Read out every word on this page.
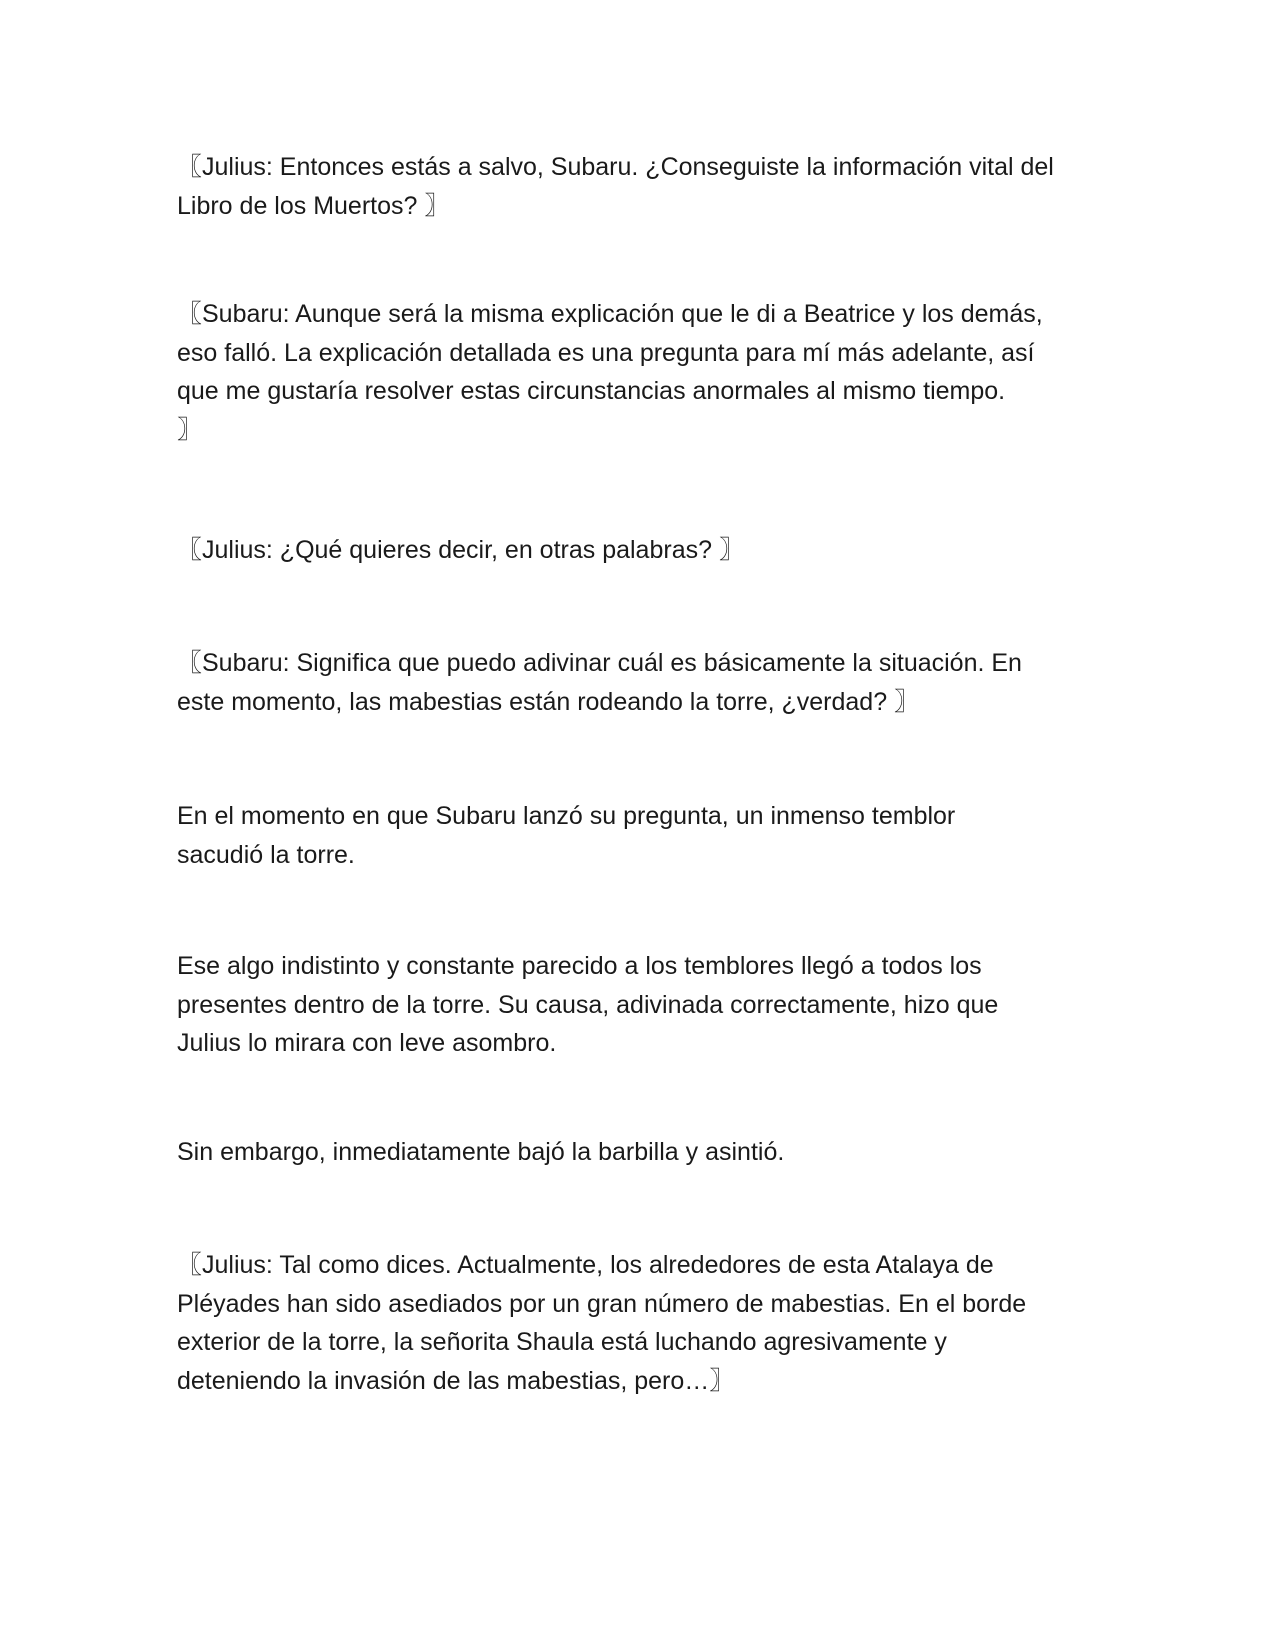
〖Julius: Entonces estás a salvo, Subaru. ¿Conseguiste la información vital del
Libro de los Muertos? 〗

〖Subaru: Aunque será la misma explicación que le di a Beatrice y los demás,
eso falló. La explicación detallada es una pregunta para mí más adelante, así
que me gustaría resolver estas circunstancias anormales al mismo tiempo.
〗

〖Julius: ¿Qué quieres decir, en otras palabras? 〗

〖Subaru: Significa que puedo adivinar cuál es básicamente la situación. En
este momento, las mabestias están rodeando la torre, ¿verdad? 〗

En el momento en que Subaru lanzó su pregunta, un inmenso temblor
sacudió la torre.

Ese algo indistinto y constante parecido a los temblores llegó a todos los
presentes dentro de la torre. Su causa, adivinada correctamente, hizo que
Julius lo mirara con leve asombro.

Sin embargo, inmediatamente bajó la barbilla y asintió.

〖Julius: Tal como dices. Actualmente, los alrededores de esta Atalaya de
Pléyades han sido asediados por un gran número de mabestias. En el borde
exterior de la torre, la señorita Shaula está luchando agresivamente y
deteniendo la invasión de las mabestias, pero…〗
